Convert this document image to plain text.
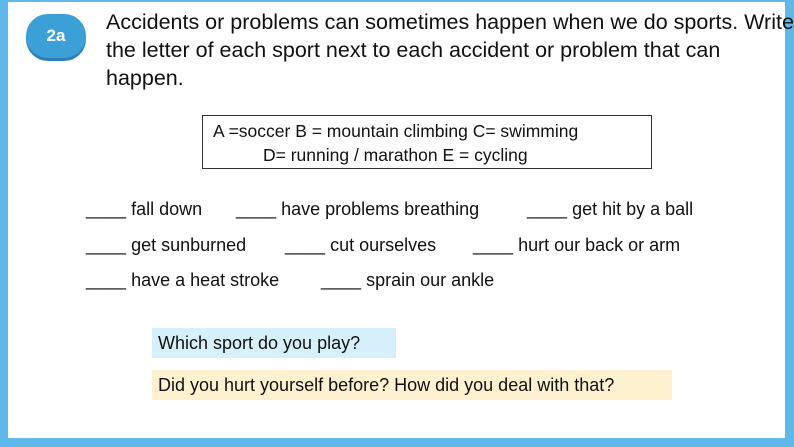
2a

Accidents or problems can sometimes happen when we do sports. Write the letter of each sport next to each accident or problem that can happen.

A =soccer B = mountain climbing C= swimming
D= running / marathon E = cycling
____ fall down ____ have problems breathing	____ get hit by a ball
____ get sunburned ____ cut ourselves ____ hurt our back or arm
____ have a heat stroke ____ sprain our ankle
Which sport do you play?
Did you hurt yourself before? How did you deal with that?
